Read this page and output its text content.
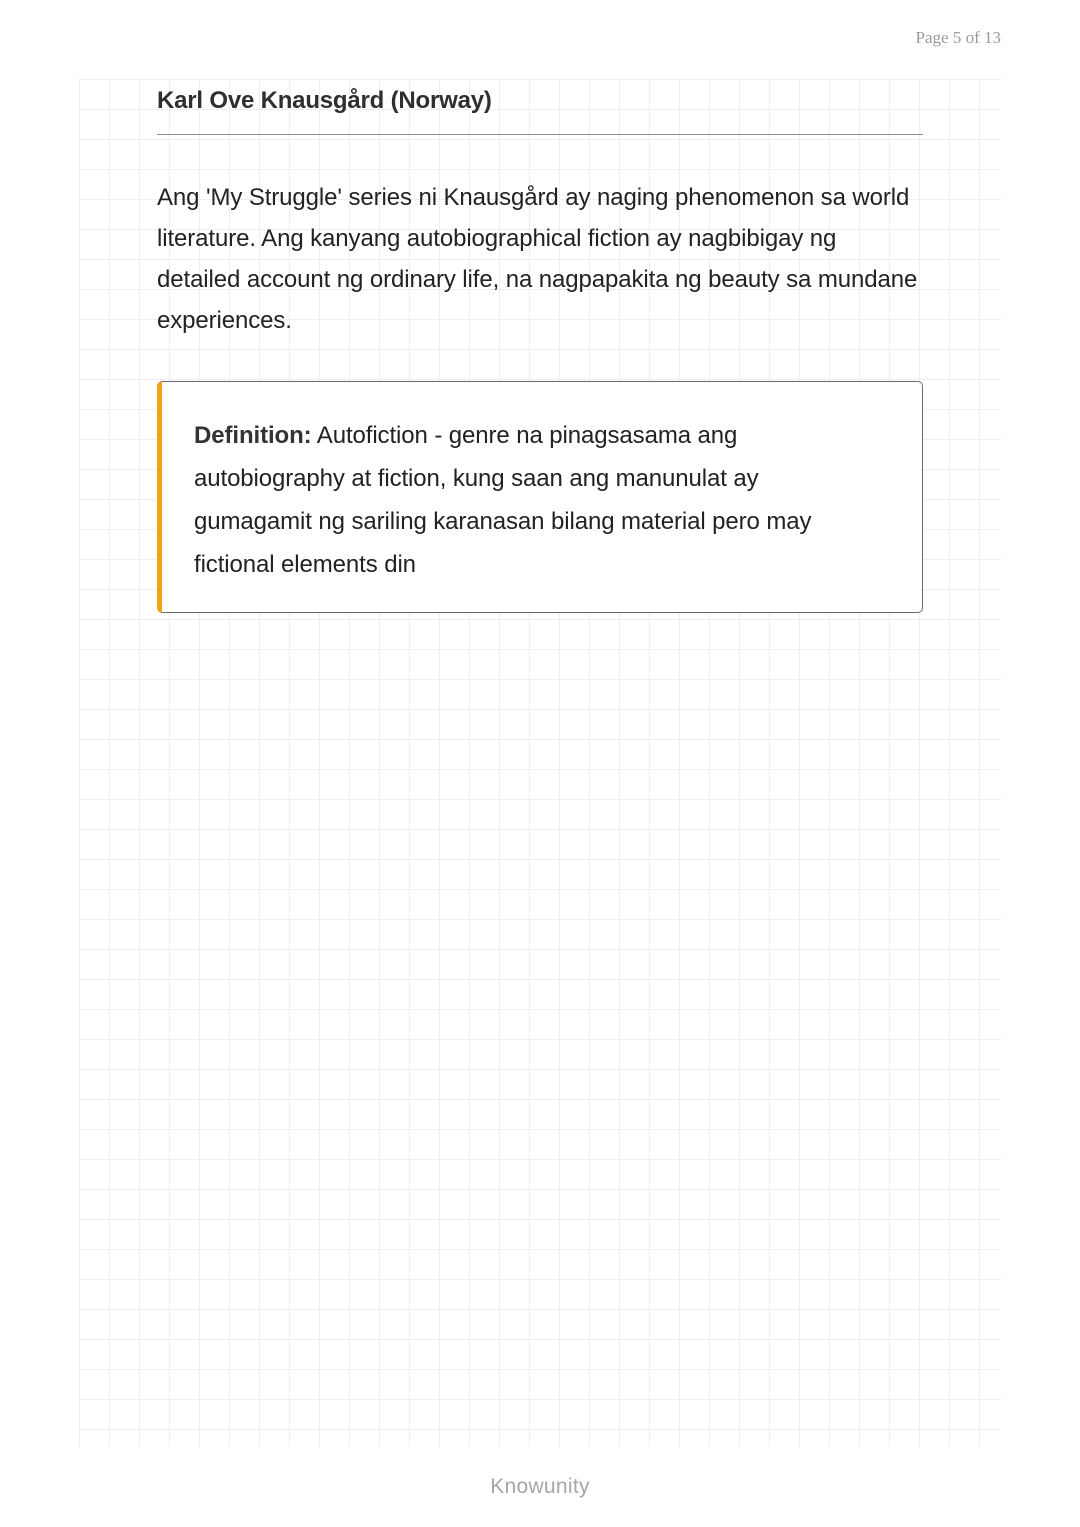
Page 5 of 13
Karl Ove Knausgård (Norway)

Ang 'My Struggle' series ni Knausgård ay naging phenomenon sa world literature. Ang kanyang autobiographical fiction ay nagbibigay ng detailed account ng ordinary life, na nagpapakita ng beauty sa mundane experiences.

Definition: Autofiction - genre na pinagsasama ang autobiography at fiction, kung saan ang manunulat ay gumagamit ng sariling karanasan bilang material pero may fictional elements din

Knowunity
